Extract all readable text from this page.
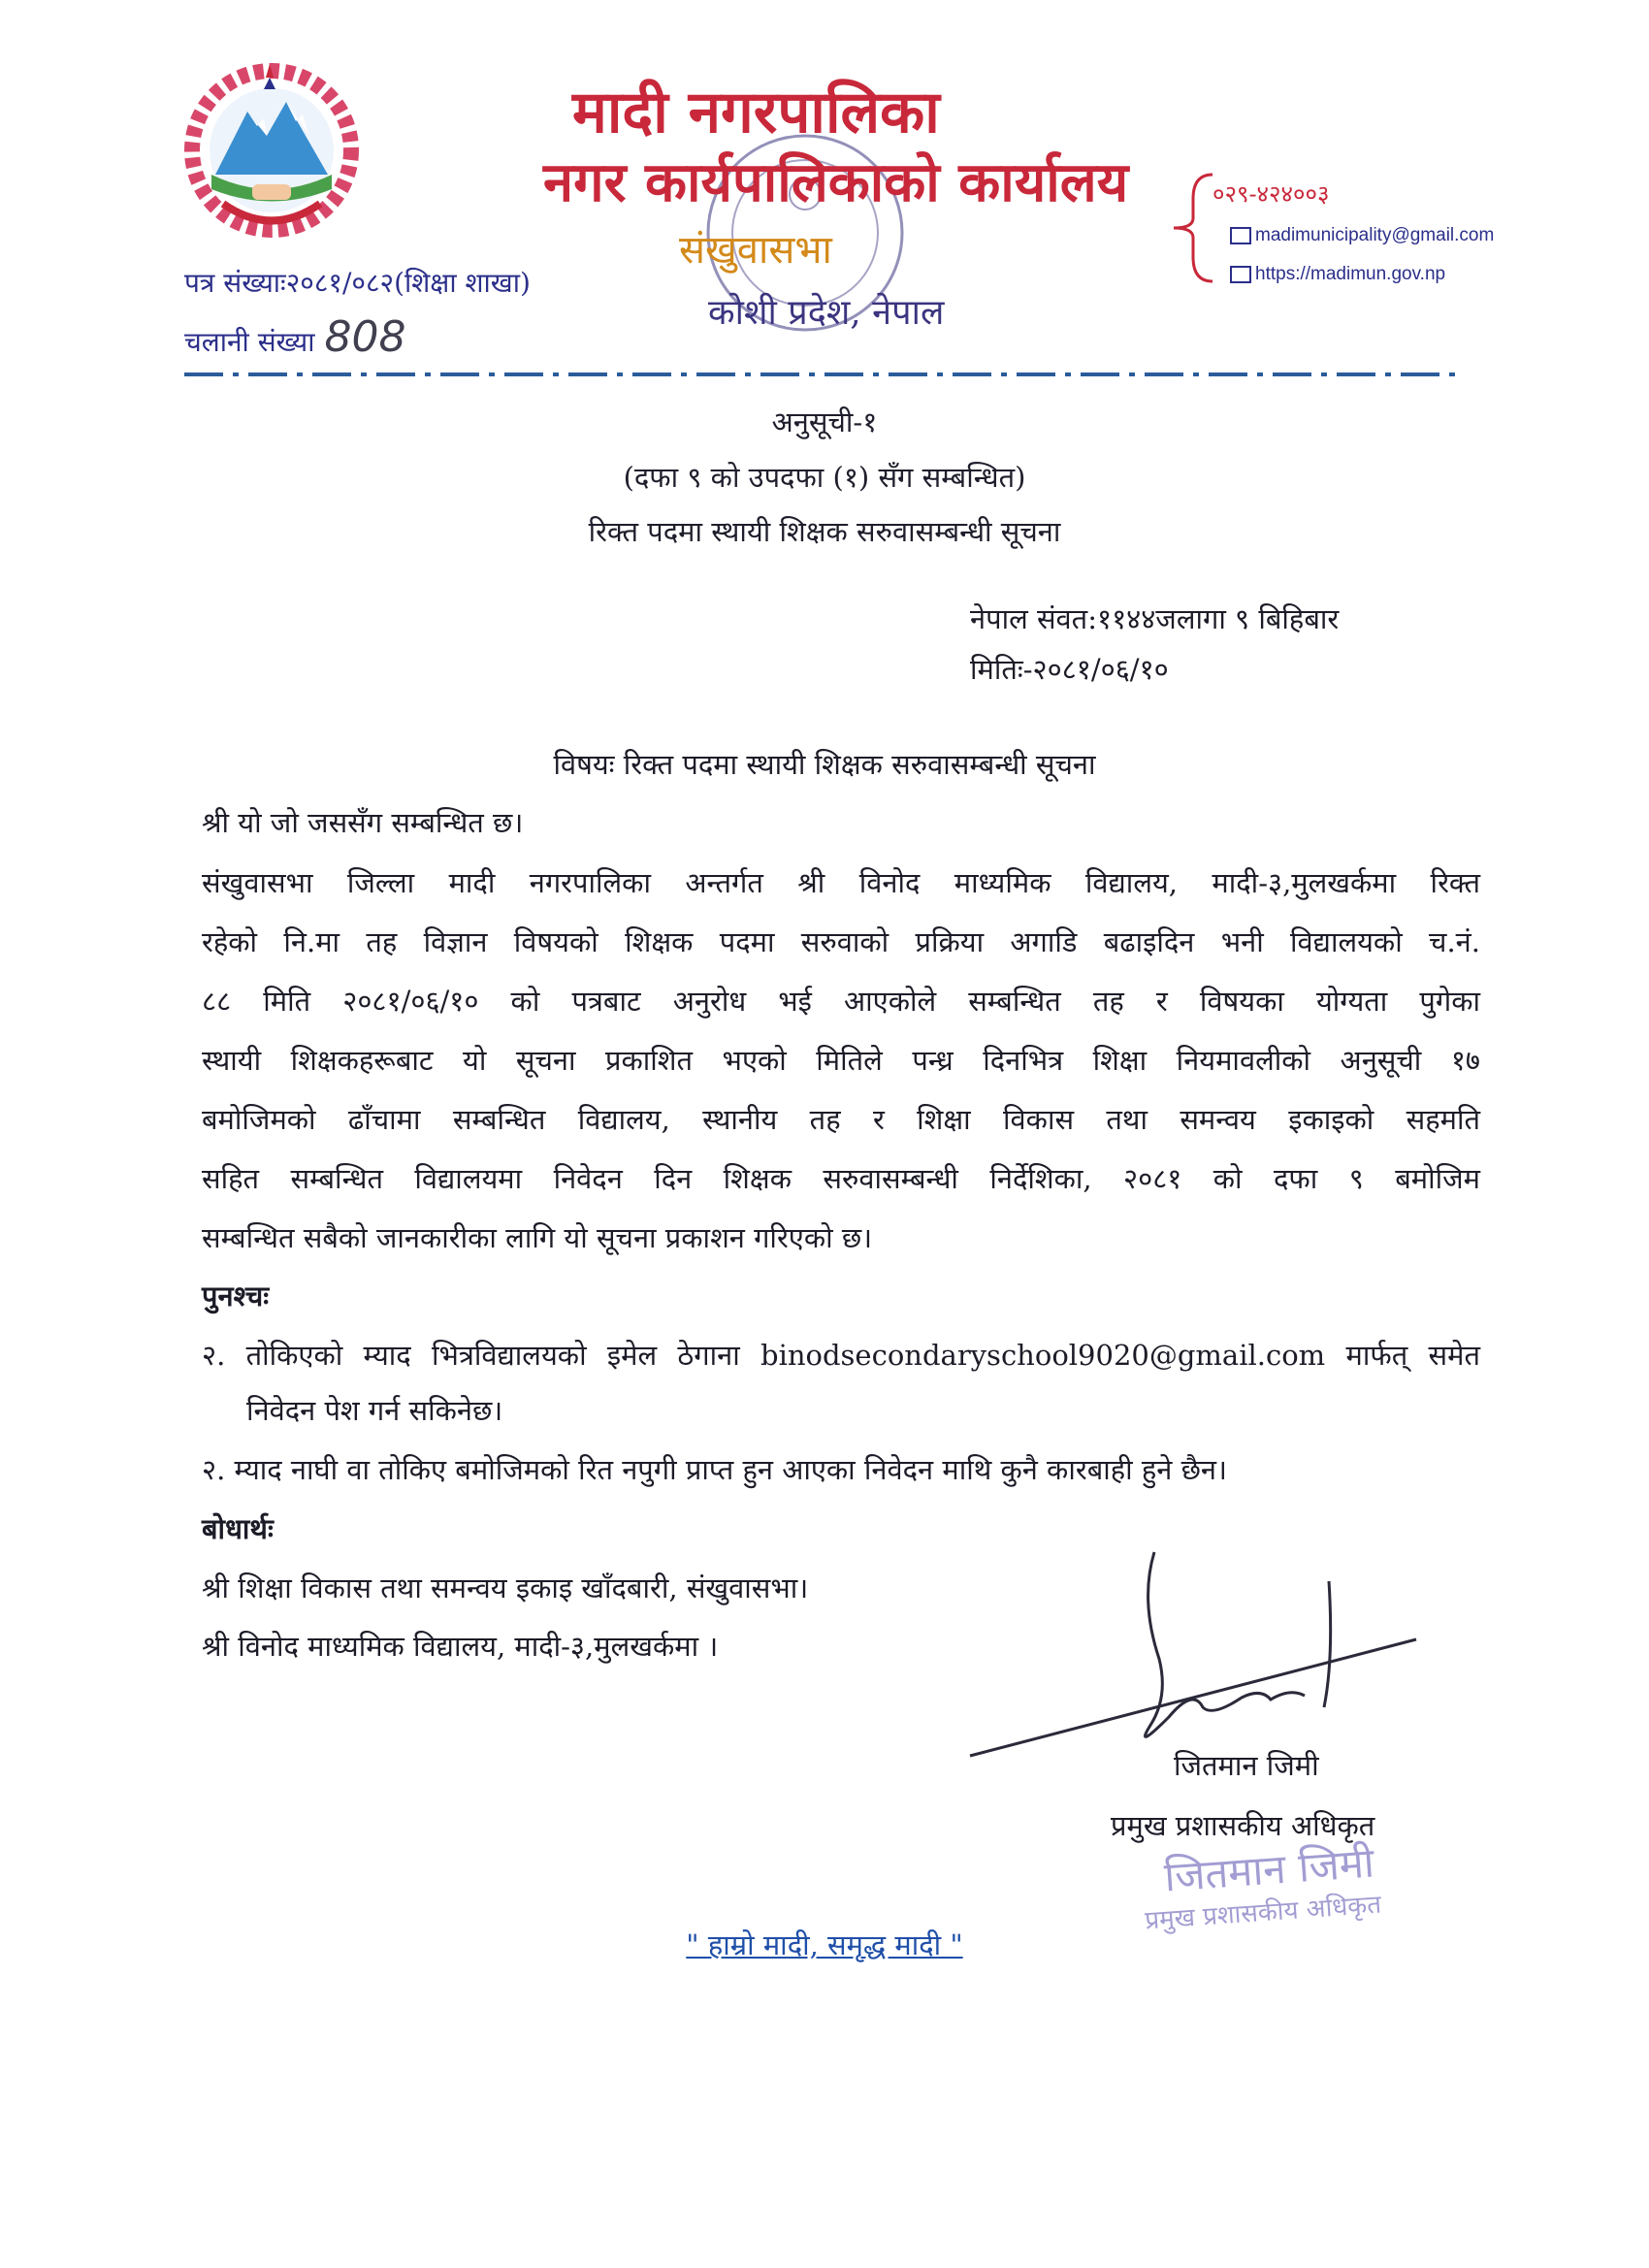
मादी नगरपालिका
नगर कार्यपालिकाको कार्यालय
संखुवासभा
कोशी प्रदेश, नेपाल
पत्र संख्याः२०८१/०८२(शिक्षा शाखा)
चलानी संख्या 808
०२९-४२४००३
madimunicipality@gmail.com
https://madimun.gov.np
अनुसूची-१
(दफा ९ को उपदफा (१) सँग सम्बन्धित)
रिक्त पदमा स्थायी शिक्षक सरुवासम्बन्धी सूचना
नेपाल संवत:११४४जलागा ९ बिहिबार
मितिः-२०८१/०६/१०
विषयः रिक्त पदमा स्थायी शिक्षक सरुवासम्बन्धी सूचना
श्री यो जो जससँग सम्बन्धित छ।
संखुवासभा जिल्ला मादी नगरपालिका अन्तर्गत श्री विनोद माध्यमिक विद्यालय, मादी-३,मुलखर्कमा रिक्त
रहेको नि.मा तह विज्ञान विषयको शिक्षक पदमा सरुवाको प्रक्रिया अगाडि बढाइदिन भनी विद्यालयको च.नं.
८८ मिति २०८१/०६/१० को पत्रबाट अनुरोध भई आएकोले सम्बन्धित तह र विषयका योग्यता पुगेका
स्थायी शिक्षकहरूबाट यो सूचना प्रकाशित भएको मितिले पन्ध्र दिनभित्र शिक्षा नियमावलीको अनुसूची १७
बमोजिमको ढाँचामा सम्बन्धित विद्यालय, स्थानीय तह र शिक्षा विकास तथा समन्वय इकाइको सहमति
सहित सम्बन्धित विद्यालयमा निवेदन दिन शिक्षक सरुवासम्बन्धी निर्देशिका, २०८१ को दफा ९ बमोजिम
सम्बन्धित सबैको जानकारीका लागि यो सूचना प्रकाशन गरिएको छ।
पुनश्चः
२. तोकिएको म्याद भित्रविद्यालयको इमेल ठेगाना binodsecondaryschool9020@gmail.com मार्फत् समेत
निवेदन पेश गर्न सकिनेछ।
२. म्याद नाघी वा तोकिए बमोजिमको रित नपुगी प्राप्त हुन आएका निवेदन माथि कुनै कारबाही हुने छैन।
बोधार्थः
श्री शिक्षा विकास तथा समन्वय इकाइ खाँदबारी, संखुवासभा।
श्री विनोद माध्यमिक विद्यालय, मादी-३,मुलखर्कमा ।
जितमान जिमी
प्रमुख प्रशासकीय अधिकृत
जितमान जिमी
प्रमुख प्रशासकीय अधिकृत
" हाम्रो मादी, समृद्ध मादी "
